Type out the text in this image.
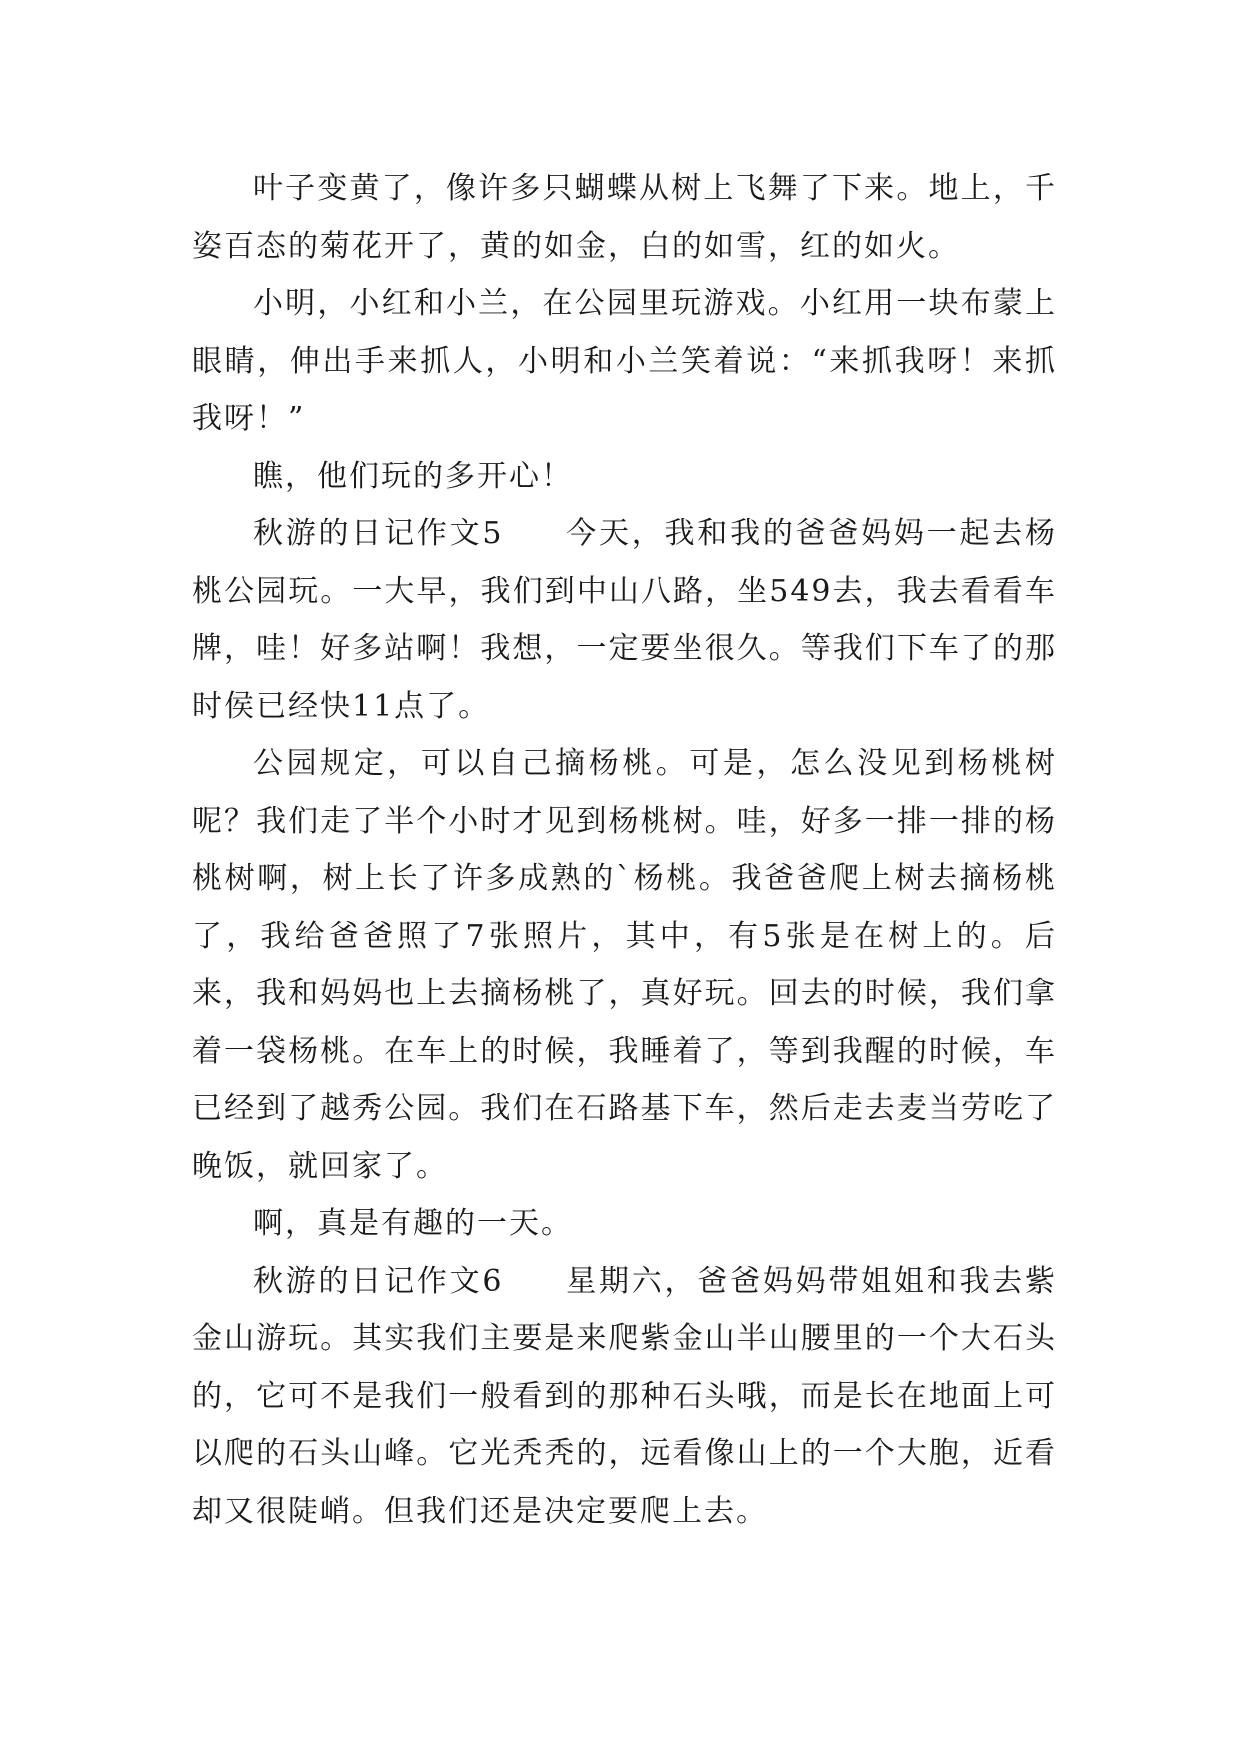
叶子变黄了，像许多只蝴蝶从树上飞舞了下来。地上，千姿百态的菊花开了，黄的如金，白的如雪，红的如火。

小明，小红和小兰，在公园里玩游戏。小红用一块布蒙上眼睛，伸出手来抓人，小明和小兰笑着说：“来抓我呀！来抓我呀！”

瞧，他们玩的多开心！

秋游的日记作文5 今天，我和我的爸爸妈妈一起去杨桃公园玩。一大早，我们到中山八路，坐549去，我去看看车牌，哇！好多站啊！我想，一定要坐很久。等我们下车了的那时侯已经快11点了。

公园规定，可以自己摘杨桃。可是，怎么没见到杨桃树呢？我们走了半个小时才见到杨桃树。哇，好多一排一排的杨桃树啊，树上长了许多成熟的`杨桃。我爸爸爬上树去摘杨桃了，我给爸爸照了7张照片，其中，有5张是在树上的。后来，我和妈妈也上去摘杨桃了，真好玩。回去的时候，我们拿着一袋杨桃。在车上的时候，我睡着了，等到我醒的时候，车已经到了越秀公园。我们在石路基下车，然后走去麦当劳吃了晚饭，就回家了。

啊，真是有趣的一天。

秋游的日记作文6 星期六，爸爸妈妈带姐姐和我去紫金山游玩。其实我们主要是来爬紫金山半山腰里的一个大石头的，它可不是我们一般看到的那种石头哦，而是长在地面上可以爬的石头山峰。它光秃秃的，远看像山上的一个大胞，近看却又很陡峭。但我们还是决定要爬上去。
